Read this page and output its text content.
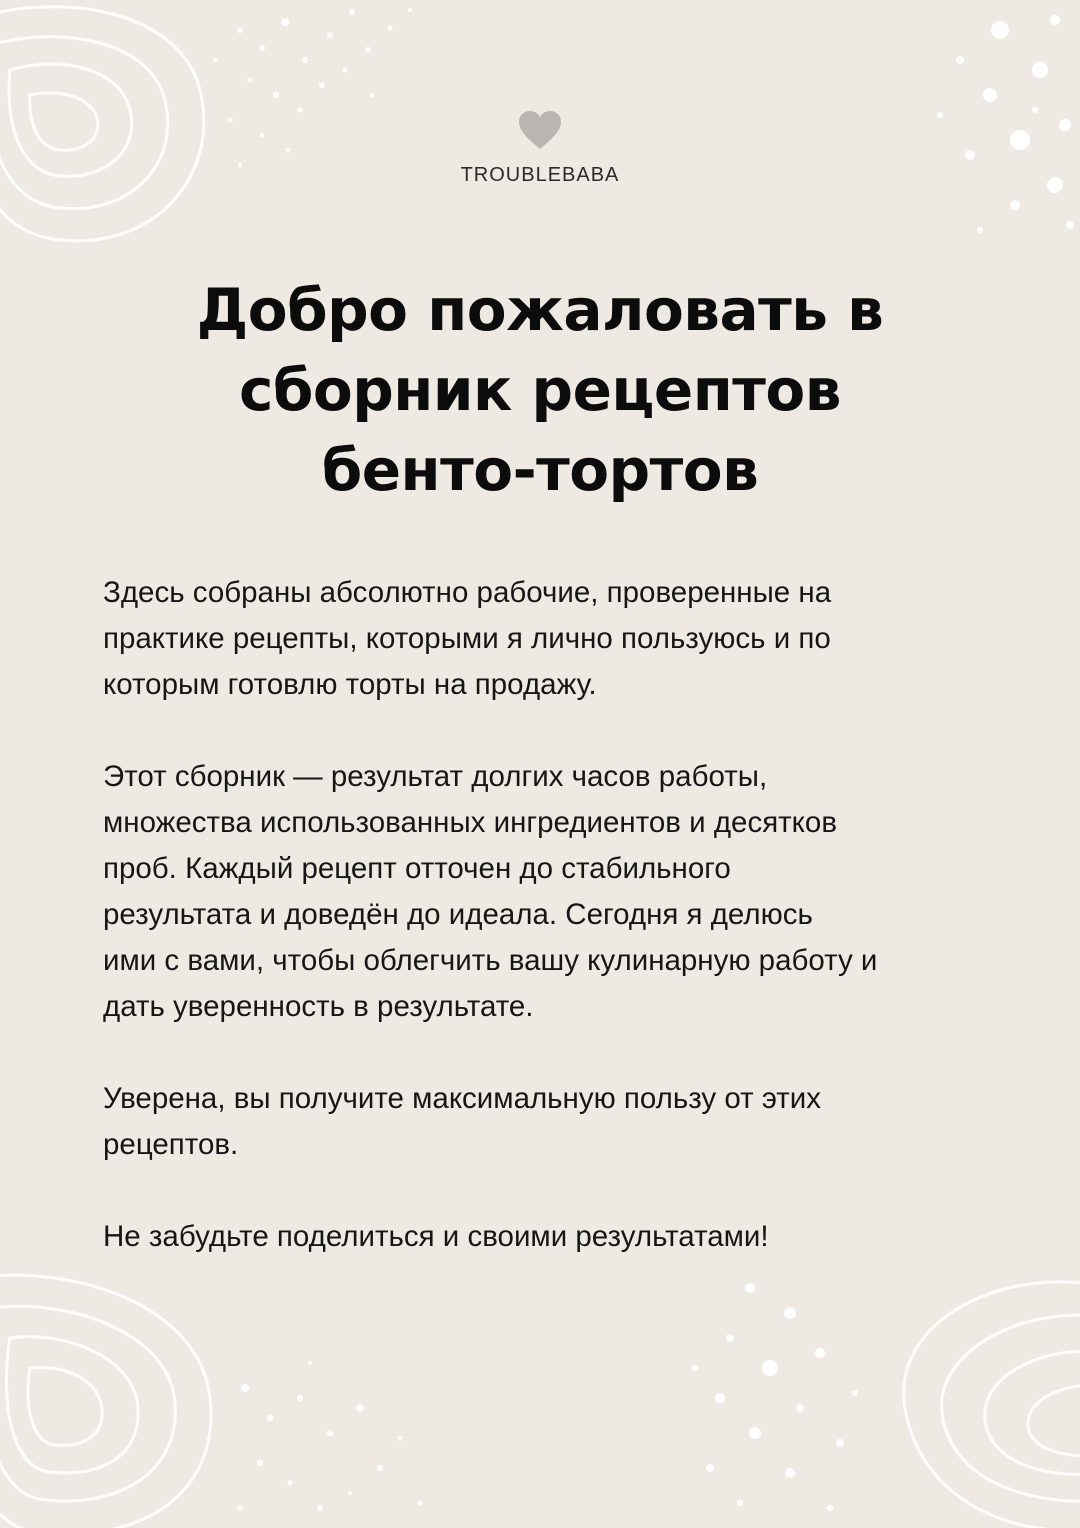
TROUBLEBABA
Добро пожаловать в
сборник рецептов
бенто-тортов

Здесь собраны абсолютно рабочие, проверенные на
практике рецепты, которыми я лично пользуюсь и по
которым готовлю торты на продажу.

Этот сборник — результат долгих часов работы,
множества использованных ингредиентов и десятков
проб. Каждый рецепт отточен до стабильного
результата и доведён до идеала. Сегодня я делюсь
ими с вами, чтобы облегчить вашу кулинарную работу и
дать уверенность в результате.

Уверена, вы получите максимальную пользу от этих
рецептов.

Не забудьте поделиться и своими результатами!
